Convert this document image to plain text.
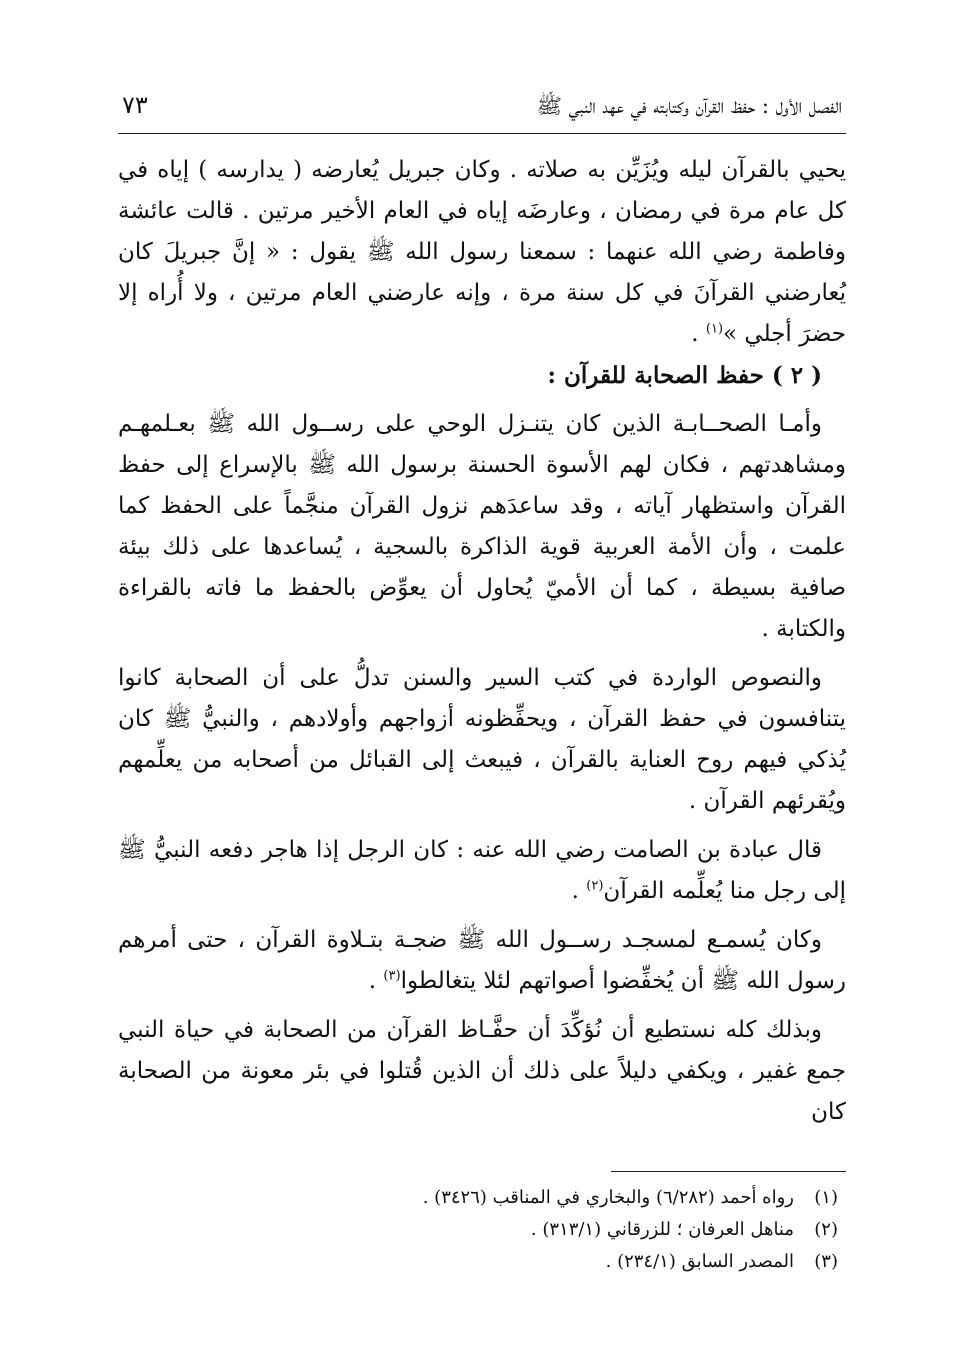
الفصل الأول : حفظ القرآن وكتابته في عهد النبي ﷺ
٧٣

يحيي بالقرآن ليله ويُزَيِّن به صلاته . وكان جبريل يُعارضه ( يدارسه ) إياه في كل عام مرة في رمضان ، وعارضَه إياه في العام الأخير مرتين . قالت عائشة وفاطمة رضي الله عنهما : سمعنا رسول الله ﷺ يقول : « إنَّ جبريلَ كان يُعارضني القرآنَ في كل سنة مرة ، وإنه عارضني العام مرتين ، ولا أُراه إلا حضرَ أجلي »$^{(١)}$ .

( ٢ ) حفظ الصحابة للقرآن :

وأمـا الصحــابـة الذين كان يتنـزل الوحي على رســول الله ﷺ بعـلمهـم ومشاهدتهم ، فكان لهم الأسوة الحسنة برسول الله ﷺ بالإسراع إلى حفظ القرآن واستظهار آياته ، وقد ساعدَهم نزول القرآن منجَّماً على الحفظ كما علمت ، وأن الأمة العربية قوية الذاكرة بالسجية ، يُساعدها على ذلك بيئة صافية بسيطة ، كما أن الأميّ يُحاول أن يعوِّض بالحفظ ما فاته بالقراءة والكتابة .

والنصوص الواردة في كتب السير والسنن تدلُّ على أن الصحابة كانوا يتنافسون في حفظ القرآن ، ويحفِّظونه أزواجهم وأولادهم ، والنبيُّ ﷺ كان يُذكي فيهم روح العناية بالقرآن ، فيبعث إلى القبائل من أصحابه من يعلِّمهم ويُقرئهم القرآن .

قال عبادة بن الصامت رضي الله عنه : كان الرجل إذا هاجر دفعه النبيُّ ﷺ إلى رجل منا يُعلِّمه القرآن$^{(٢)}$ .

وكان يُسمـع لمسجـد رســول الله ﷺ ضجـة بتـلاوة القرآن ، حتى أمرهم رسول الله ﷺ أن يُخفِّضوا أصواتهم لئلا يتغالطوا$^{(٣)}$ .

وبذلك كله نستطيع أن نُؤكِّدَ أن حفَّـاظ القرآن من الصحابة في حياة النبي جمع غفير ، ويكفي دليلاً على ذلك أن الذين قُتلوا في بئر معونة من الصحابة كان

(١)
رواه أحمد (٦/٢٨٢) والبخاري في المناقب (٣٤٢٦) .
(٢)
مناهل العرفان ؛ للزرقاني (٣١٣/١) .
(٣)
المصدر السابق (٢٣٤/١) .
